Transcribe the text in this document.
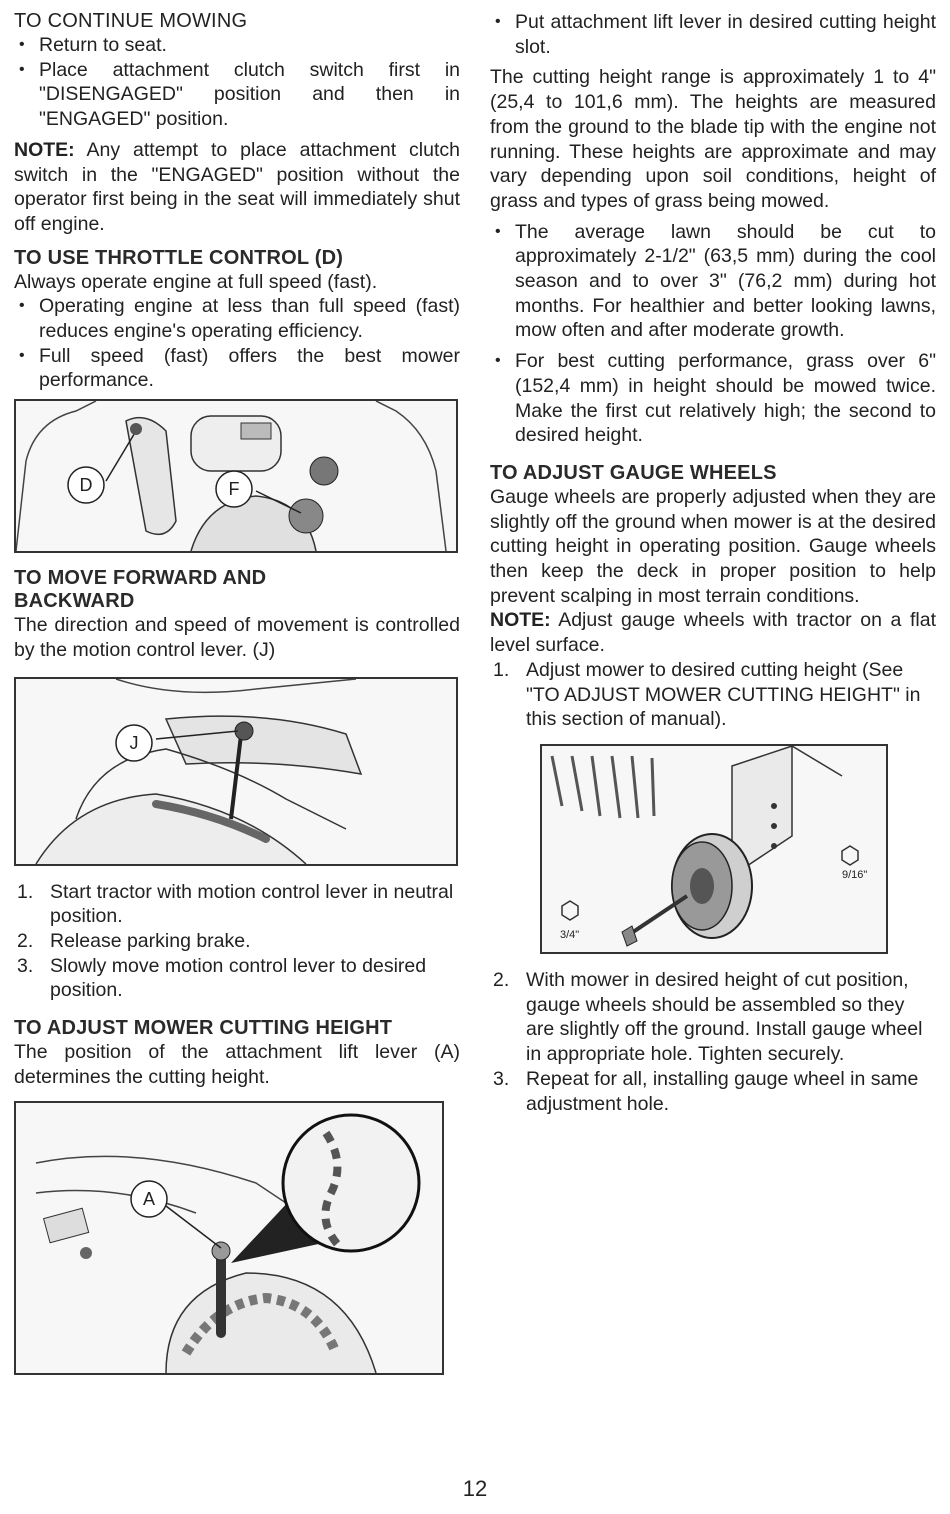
TO CONTINUE MOWING
• Return to seat.
• Place attachment clutch switch first in "DISENGAGED" position and then in "ENGAGED" position.

NOTE: Any attempt to place attachment clutch switch in the "ENGAGED" position without the operator first being in the seat will immediately shut off engine.

TO USE THROTTLE CONTROL (D)

Always operate engine at full speed (fast).

• Operating engine at less than full speed (fast) reduces engine's operating efficiency.
• Full speed (fast) offers the best mower performance.
D	F
TO MOVE FORWARD AND
BACKWARD

The direction and speed of movement is controlled by the motion control lever. (J)

J
1. Start tractor with motion control lever in neutral position.
2. Release parking brake.
3. Slowly move motion control lever to desired position.
TO ADJUST MOWER CUTTING HEIGHT

The position of the attachment lift lever (A) determines the cutting height.

A
• Put attachment lift lever in desired cutting height slot.

The cutting height range is approximately 1 to 4" (25,4 to 101,6 mm). The heights are measured from the ground to the blade tip with the engine not running. These heights are approximate and may vary depending upon soil conditions, height of grass and types of grass being mowed.

• The average lawn should be cut to approximately 2-1/2" (63,5 mm) during the cool season and to over 3" (76,2 mm) during hot months. For healthier and better looking lawns, mow often and after moderate growth.
• For best cutting performance, grass over 6" (152,4 mm) in height should be mowed twice. Make the first cut relatively high; the second to desired height.
TO ADJUST GAUGE WHEELS

Gauge wheels are properly adjusted when they are slightly off the ground when mower is at the desired cutting height in operating position. Gauge wheels then keep the deck in proper position to help prevent scalping in most terrain conditions.

NOTE: Adjust gauge wheels with tractor on a flat level surface.

1. Adjust mower to desired cutting height (See "TO ADJUST MOWER CUTTING HEIGHT" in this section of manual).
9/16"
3/4"
2. With mower in desired height of cut position, gauge wheels should be assembled so they are slightly off the ground. Install gauge wheel in appropriate hole. Tighten securely.
3. Repeat for all, installing gauge wheel in same adjustment hole.
12
